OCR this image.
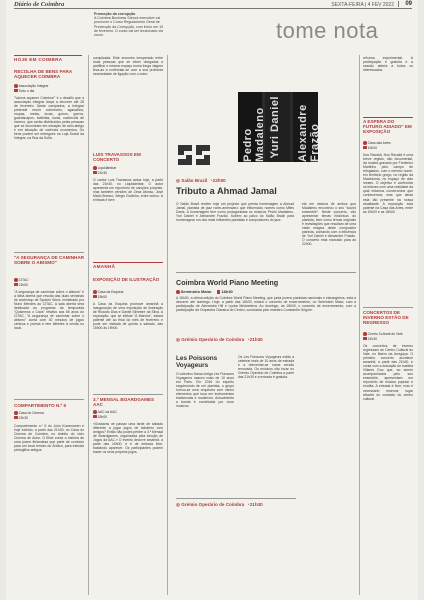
Diário de Coimbra	SEXTA-FEIRA | 4 FEV 2022 09
Promoção da corrupção
A Coimbra Business School executive vai promover o Curso Regulamento Geral de Prevenção da Corrupção, com início em 15 de fevereiro. O curso vai ser leccionado via zoom.	tome nota
HOJE EM COIMBRA
RECOLHA DE BENS PARA AQUECER COIMBRA
Associação Integrar
Todo o dia
"Vamos aquecer Coimbra!" é o desafio que a associação Integrar lança a decorrer até 28 de fevereiro. Neste campanha, a Integrar pretende reunir cobertores, agasalhos, roupas, meias, luvas, gorros, gorros, guardanapos, toalhitas, luvas, cachecóis de inverno, que serão distribuídos pelas pessoas que se encontram em situação de sem-abrigo e em situação de carência económica. Os bens podem ser entregues na Loja Social da Integrar, na Rua da Sofia.
"A SEGURANÇA DE CAMINHAR SOBRE O ABISMO"
CITAC
21h00
"A segurança de caminhar sobre o abismo" é a ideia aberta que resulta das duas semanas de workshop de Spoken Word, ministrado por Nuno Mendes ao CITAC. A sala aberta será destinada ao programa da temporada "Quisemos o Caos" relativo aos 65 anos do CITAC. "A segurança de caminhar sobre o abismo" conta com 30 minutos de jogos cénicos e poesia e tem bilhetes à venda no local.
COMPARTIMENTO N.º 6
Casa do Cinema
21h30
Compartimento n.º 6 do Juho Kuosmanen é hoje exibido, a partir das 21h30, no Casa do Cinema de Coimbra, no âmbito do ciclo Cinema de Autor. O filme conta a história de uma jovem finlandesa que parte de comboio para um local remoto do Árctico, para estudar petróglifos antigos.
complicada. Este encontro inesperado entre duas pessoas que se vêem obrigadas a partilhar o mesmo espaço numa longa viagem leva-as a confrontar-se com a sua profunda necessidade de ligação com o outro.
LUIS TRAVASSOS EM CONCERTO
Liquidâmbar
21h30
O cantor Luis Travassos actua hoje, a partir das 21h30, no Liquidâmbar. O autor apresenta um reportório de canções próprias, mas também versões de Zeca Afonso, José Mário Branco, Sérgio Godinho, entre outros. A entrada é livre.
AMANHÃ
EXPOSIÇÃO DE ILUSTRAÇÃO
Casa da Esquina
15h00
A Casa da Esquina promove amanhã a inauguração de uma exposição de ilustração de Ricardo Dias e Daniel Silvestre da Silva. A exposição, que se intitula "A Marcha", estará patente até ao final do mês de fevereiro e pode ser visitada de quinta a sábado, das 15h00 às 19h00.
3.º MENSAL BOARDGAMES AAC
AAC da AAC
15h00
«Gostavas de passar uma tarde de sábado diferente a jogar jogos de tabuleiro com amigos? Então não podes perder a 3.ª Mensal de Boardgames, organizada pela secção de Jogos da AAC.» O evento decorre amanhã, a partir das 15h00, e é de entrada livre, bastando aparecer. Os participantes podem trazer os seus próprios jogos.
Pedro Madaleno Yuri Daniel Alexandre Frazão
◎ Salão Brazil ◔22h00
Tributo a Ahmad Jamal
O Salão Brazil recebe hoje um projecto que presta homenagem a Ahmad Jamal, pianista de jazz norte-americano que influenciou nomes como Miles Davis. A homenagem tem como protagonistas os músicos Pedro Madaleno, Yuri Daniel e Alexandre Frazão. Sobem ao palco do Salão Brazil para homenagear um dos mais influentes pianistas e compositores do jazz.
ela em mistura de ambos que Madaleno encontrou o seu "sound ensemble". Neste concerto, vão apresentar temas históricos do pianista, bem como temas originais e revisitações que resultam de uma visão mágica deste compositor pianista, contando com a influência de Yuri Daniel e Alexandre Frazão. O concerto está marcado para as 22h00.
Coimbra World Piano Meeting
Seminário Maior 18h30
A 18h30, a ultima edição do Coimbra World Piano Meeting, que junta jovens pianistas nacionais e estrangeiros, está a decorrer até domingo. Hoje, a partir das 18h30, estará o concerto de encerramento, no Seminário Maior, com a participação de Alexandra Hill e Lyuba Medvedeva. Ao domingo, às 18h00, o concerto de encerramento, com a participação da Orquestra Clássica do Centro, conduzida pelo maestro Constantin Grigore.
◎ Grémio Operário de Coimbra ◔21h30
Les Poissons Voyageurs
O colectivo franco-belga Les Poissons Voyageurs nasceu mais de 10 anos em Paris. Em 2016 do espírito seguimundo de um pianista, o grupo tornou-se uma orquestra com vários elementos que toca em instrumentos tradicionais e modernos. Actualmente a banda é constituída por nove músicos.
Os Les Poissons Voyageurs estão a celebrar mais de 10 anos de estrada e a reinventar-se numa versão renovada. Os músicos vão tocar no Grémio Operário de Coimbra a partir das 21h30 e a entrada é gratuita.
◎ Grémio Operário de Coimbra ◔21h30
reforma experimental. A participação é gratuita e a sessão aberta a todos os interessados.
A ESPERA DO FUTURO ADIADO" EM EXPOSIÇÃO
Casa das Artes
10h00
Nos Ravaldi, Nos Ravaldi é uma breve registo, não documental, da mostra gravado por Frederico Martinho pelo campo de refugiados, com o mesmo nome, em território grego, no região da Macedonia, no espaço de dois meses. O objetivo é confrontar os leitores com uma realidade da qual estamos convencidos que conhecemos, mas que ainda está tão presente na nossa atualidade. A exposição está patente na Casa das Artes, entre as 10h00 e as 18h00.
CONCERTOS DE INVERNO ESTÃO DE REGRESSO
Centro Cultural do Vale
21h30
Os concertos de inverno regressam ao Centro Cultural do Vale, no Bairro da Arregaça. O primeiro concerto acontece amanhã, a partir das 21h30, e conta com a actuação de Isabela Villares Duo que, ao serem acompanhados pelo seu ensemble, apresentam um reportório de música popular e erudita. A entrada é livre, mas é necessário reservar lugar através do contacto do centro cultural.
